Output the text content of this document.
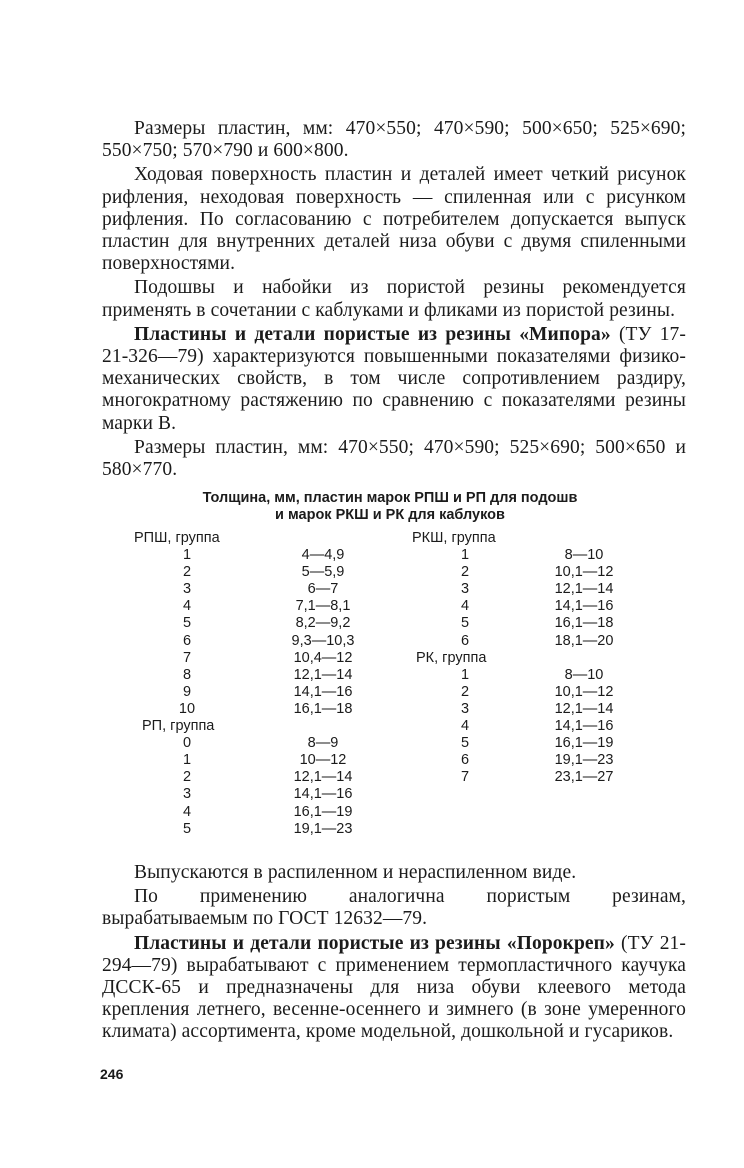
Размеры пластин, мм: 470×550; 470×590; 500×650; 525×690; 550×750; 570×790 и 600×800.

Ходовая поверхность пластин и деталей имеет четкий рисунок рифления, неходовая поверхность — спиленная или с рисунком рифления. По согласованию с потребителем допускается выпуск пластин для внутренних деталей низа обуви с двумя спиленными поверхностями.

Подошвы и набойки из пористой резины рекомендуется применять в сочетании с каблуками и фликами из пористой резины.

Пластины и детали пористые из резины «Мипора» (ТУ 17-21-326—79) характеризуются повышенными показателями физико-механических свойств, в том числе сопротивлением раздиру, многократному растяжению по сравнению с показателями резины марки В.

Размеры пластин, мм: 470×550; 470×590; 525×690; 500×650 и 580×770.

Толщина, мм, пластин марок РПШ и РП для подошв
и марок РКШ и РК для каблуков
РПШ, группа
1	4—4,9
2	5—5,9
3	6—7
4	7,1—8,1
5	8,2—9,2
6	9,3—10,3
7	10,4—12
8	12,1—14
9	14,1—16
10	16,1—18
РП, группа
0	8—9
1	10—12
2	12,1—14
3	14,1—16
4	16,1—19
5	19,1—23
РКШ, группа
1	8—10
2	10,1—12
3	12,1—14
4	14,1—16
5	16,1—18
6	18,1—20
РК, группа
1	8—10
2	10,1—12
3	12,1—14
4	14,1—16
5	16,1—19
6	19,1—23
7	23,1—27

Выпускаются в распиленном и нераспиленном виде.

По применению аналогична пористым резинам, вырабатываемым по ГОСТ 12632—79.

Пластины и детали пористые из резины «Порокреп» (ТУ 21-294—79) вырабатывают с применением термопластичного каучука ДССК-65 и предназначены для низа обуви клеевого метода крепления летнего, весенне-осеннего и зимнего (в зоне умеренного климата) ассортимента, кроме модельной, дошкольной и гусариков.

246
